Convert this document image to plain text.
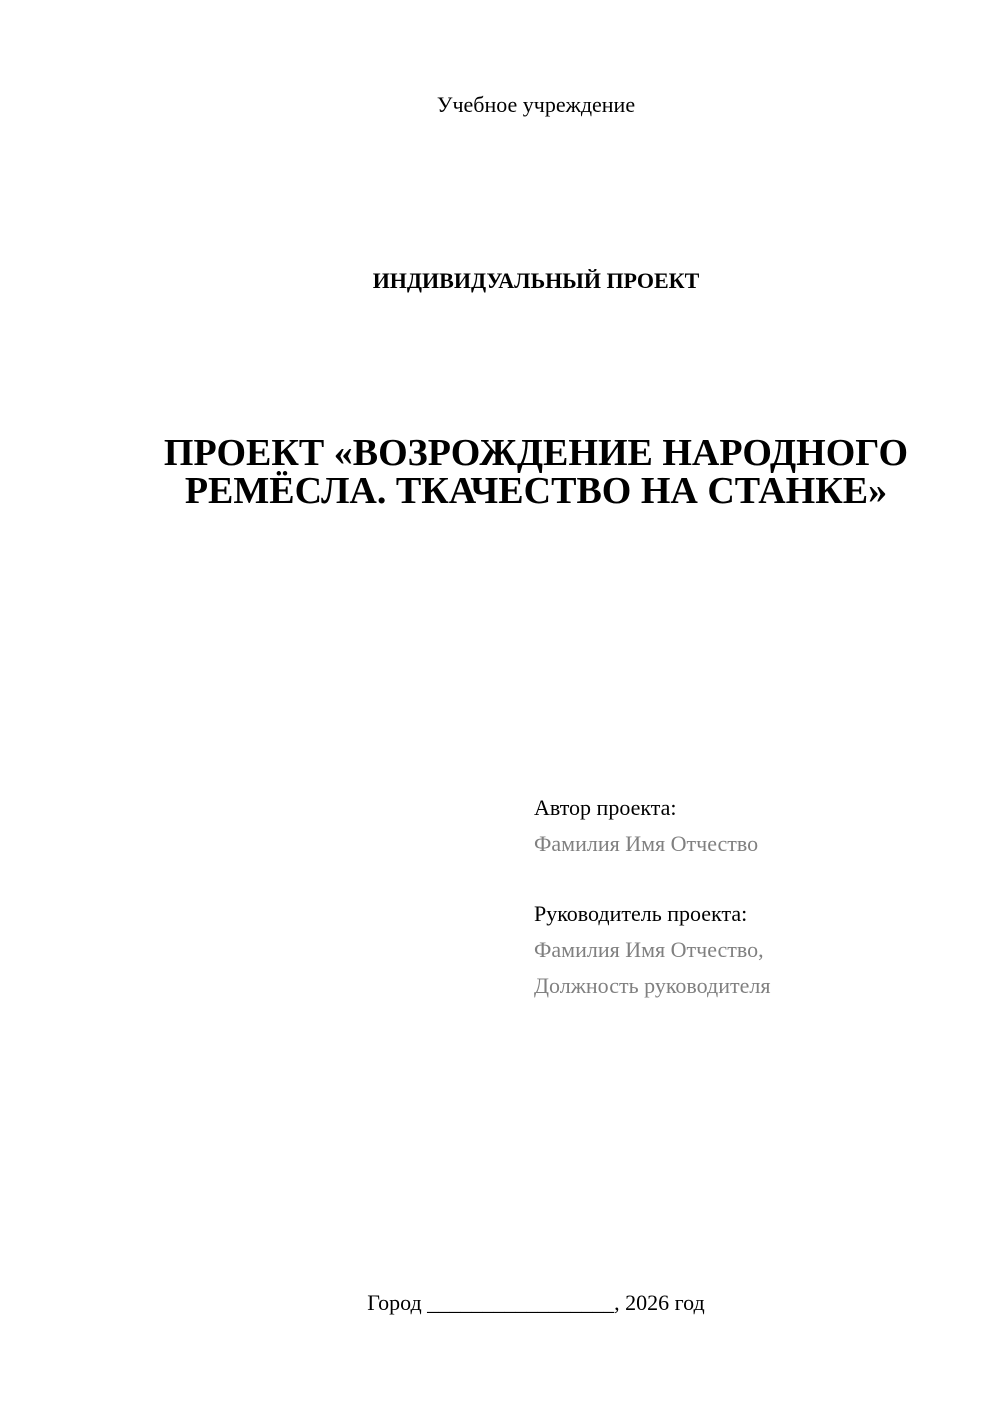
Учебное учреждение
ИНДИВИДУАЛЬНЫЙ ПРОЕКТ
ПРОЕКТ «ВОЗРОЖДЕНИЕ НАРОДНОГО
РЕМЁСЛА. ТКАЧЕСТВО НА СТАНКЕ»
Автор проекта:
Фамилия Имя Отчество
Руководитель проекта:
Фамилия Имя Отчество,
Должность руководителя
Город _________________, 2026 год
